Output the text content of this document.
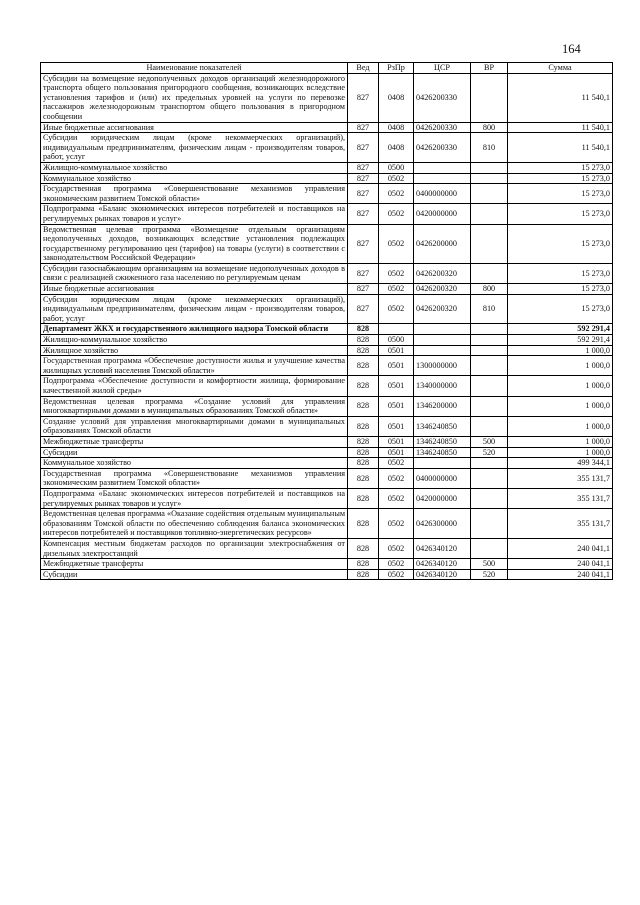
164
Наименование показателей	Вед	РзПр	ЦСР	ВР	Сумма
Субсидии на возмещение недополученных доходов организаций железнодорожного транспорта общего пользования пригородного сообщения, возникающих вследствие установления тарифов и (или) их предельных уровней на услуги по перевозке пассажиров железнодорожным транспортом общего пользования в пригородном сообщении	827	0408	0426200330		11 540,1
Иные бюджетные ассигнования	827	0408	0426200330	800	11 540,1
Субсидии юридическим лицам (кроме некоммерческих организаций), индивидуальным предпринимателям, физическим лицам - производителям товаров, работ, услуг	827	0408	0426200330	810	11 540,1
Жилищно-коммунальное хозяйство	827	0500			15 273,0
Коммунальное хозяйство	827	0502			15 273,0
Государственная программа «Совершенствование механизмов управления экономическим развитием Томской области»	827	0502	0400000000		15 273,0
Подпрограмма «Баланс экономических интересов потребителей и поставщиков на регулируемых рынках товаров и услуг»	827	0502	0420000000		15 273,0
Ведомственная целевая программа «Возмещение отдельным организациям недополученных доходов, возникающих вследствие установления подлежащих государственному регулированию цен (тарифов) на товары (услуги) в соответствии с законодательством Российской Федерации»	827	0502	0426200000		15 273,0
Субсидии газоснабжающим организациям на возмещение недополученных доходов в связи с реализацией сжиженного газа населению по регулируемым ценам	827	0502	0426200320		15 273,0
Иные бюджетные ассигнования	827	0502	0426200320	800	15 273,0
Субсидии юридическим лицам (кроме некоммерческих организаций), индивидуальным предпринимателям, физическим лицам - производителям товаров, работ, услуг	827	0502	0426200320	810	15 273,0
Департамент ЖКХ и государственного жилищного надзора Томской области	828				592 291,4
Жилищно-коммунальное хозяйство	828	0500			592 291,4
Жилищное хозяйство	828	0501			1 000,0
Государственная программа «Обеспечение доступности жилья и улучшение качества жилищных условий населения Томской области»	828	0501	1300000000		1 000,0
Подпрограмма «Обеспечение доступности и комфортности жилища, формирование качественной жилой среды»	828	0501	1340000000		1 000,0
Ведомственная целевая программа «Создание условий для управления многоквартирными домами в муниципальных образованиях Томской области»	828	0501	1346200000		1 000,0
Создание условий для управления многоквартирными домами в муниципальных образованиях Томской области	828	0501	1346240850		1 000,0
Межбюджетные трансферты	828	0501	1346240850	500	1 000,0
Субсидии	828	0501	1346240850	520	1 000,0
Коммунальное хозяйство	828	0502			499 344,1
Государственная программа «Совершенствование механизмов управления экономическим развитием Томской области»	828	0502	0400000000		355 131,7
Подпрограмма «Баланс экономических интересов потребителей и поставщиков на регулируемых рынках товаров и услуг»	828	0502	0420000000		355 131,7
Ведомственная целевая программа «Оказание содействия отдельным муниципальным образованиям Томской области по обеспечению соблюдения баланса экономических интересов потребителей и поставщиков топливно-энергетических ресурсов»	828	0502	0426300000		355 131,7
Компенсация местным бюджетам расходов по организации электроснабжения от дизельных электростанций	828	0502	0426340120		240 041,1
Межбюджетные трансферты	828	0502	0426340120	500	240 041,1
Субсидии	828	0502	0426340120	520	240 041,1
